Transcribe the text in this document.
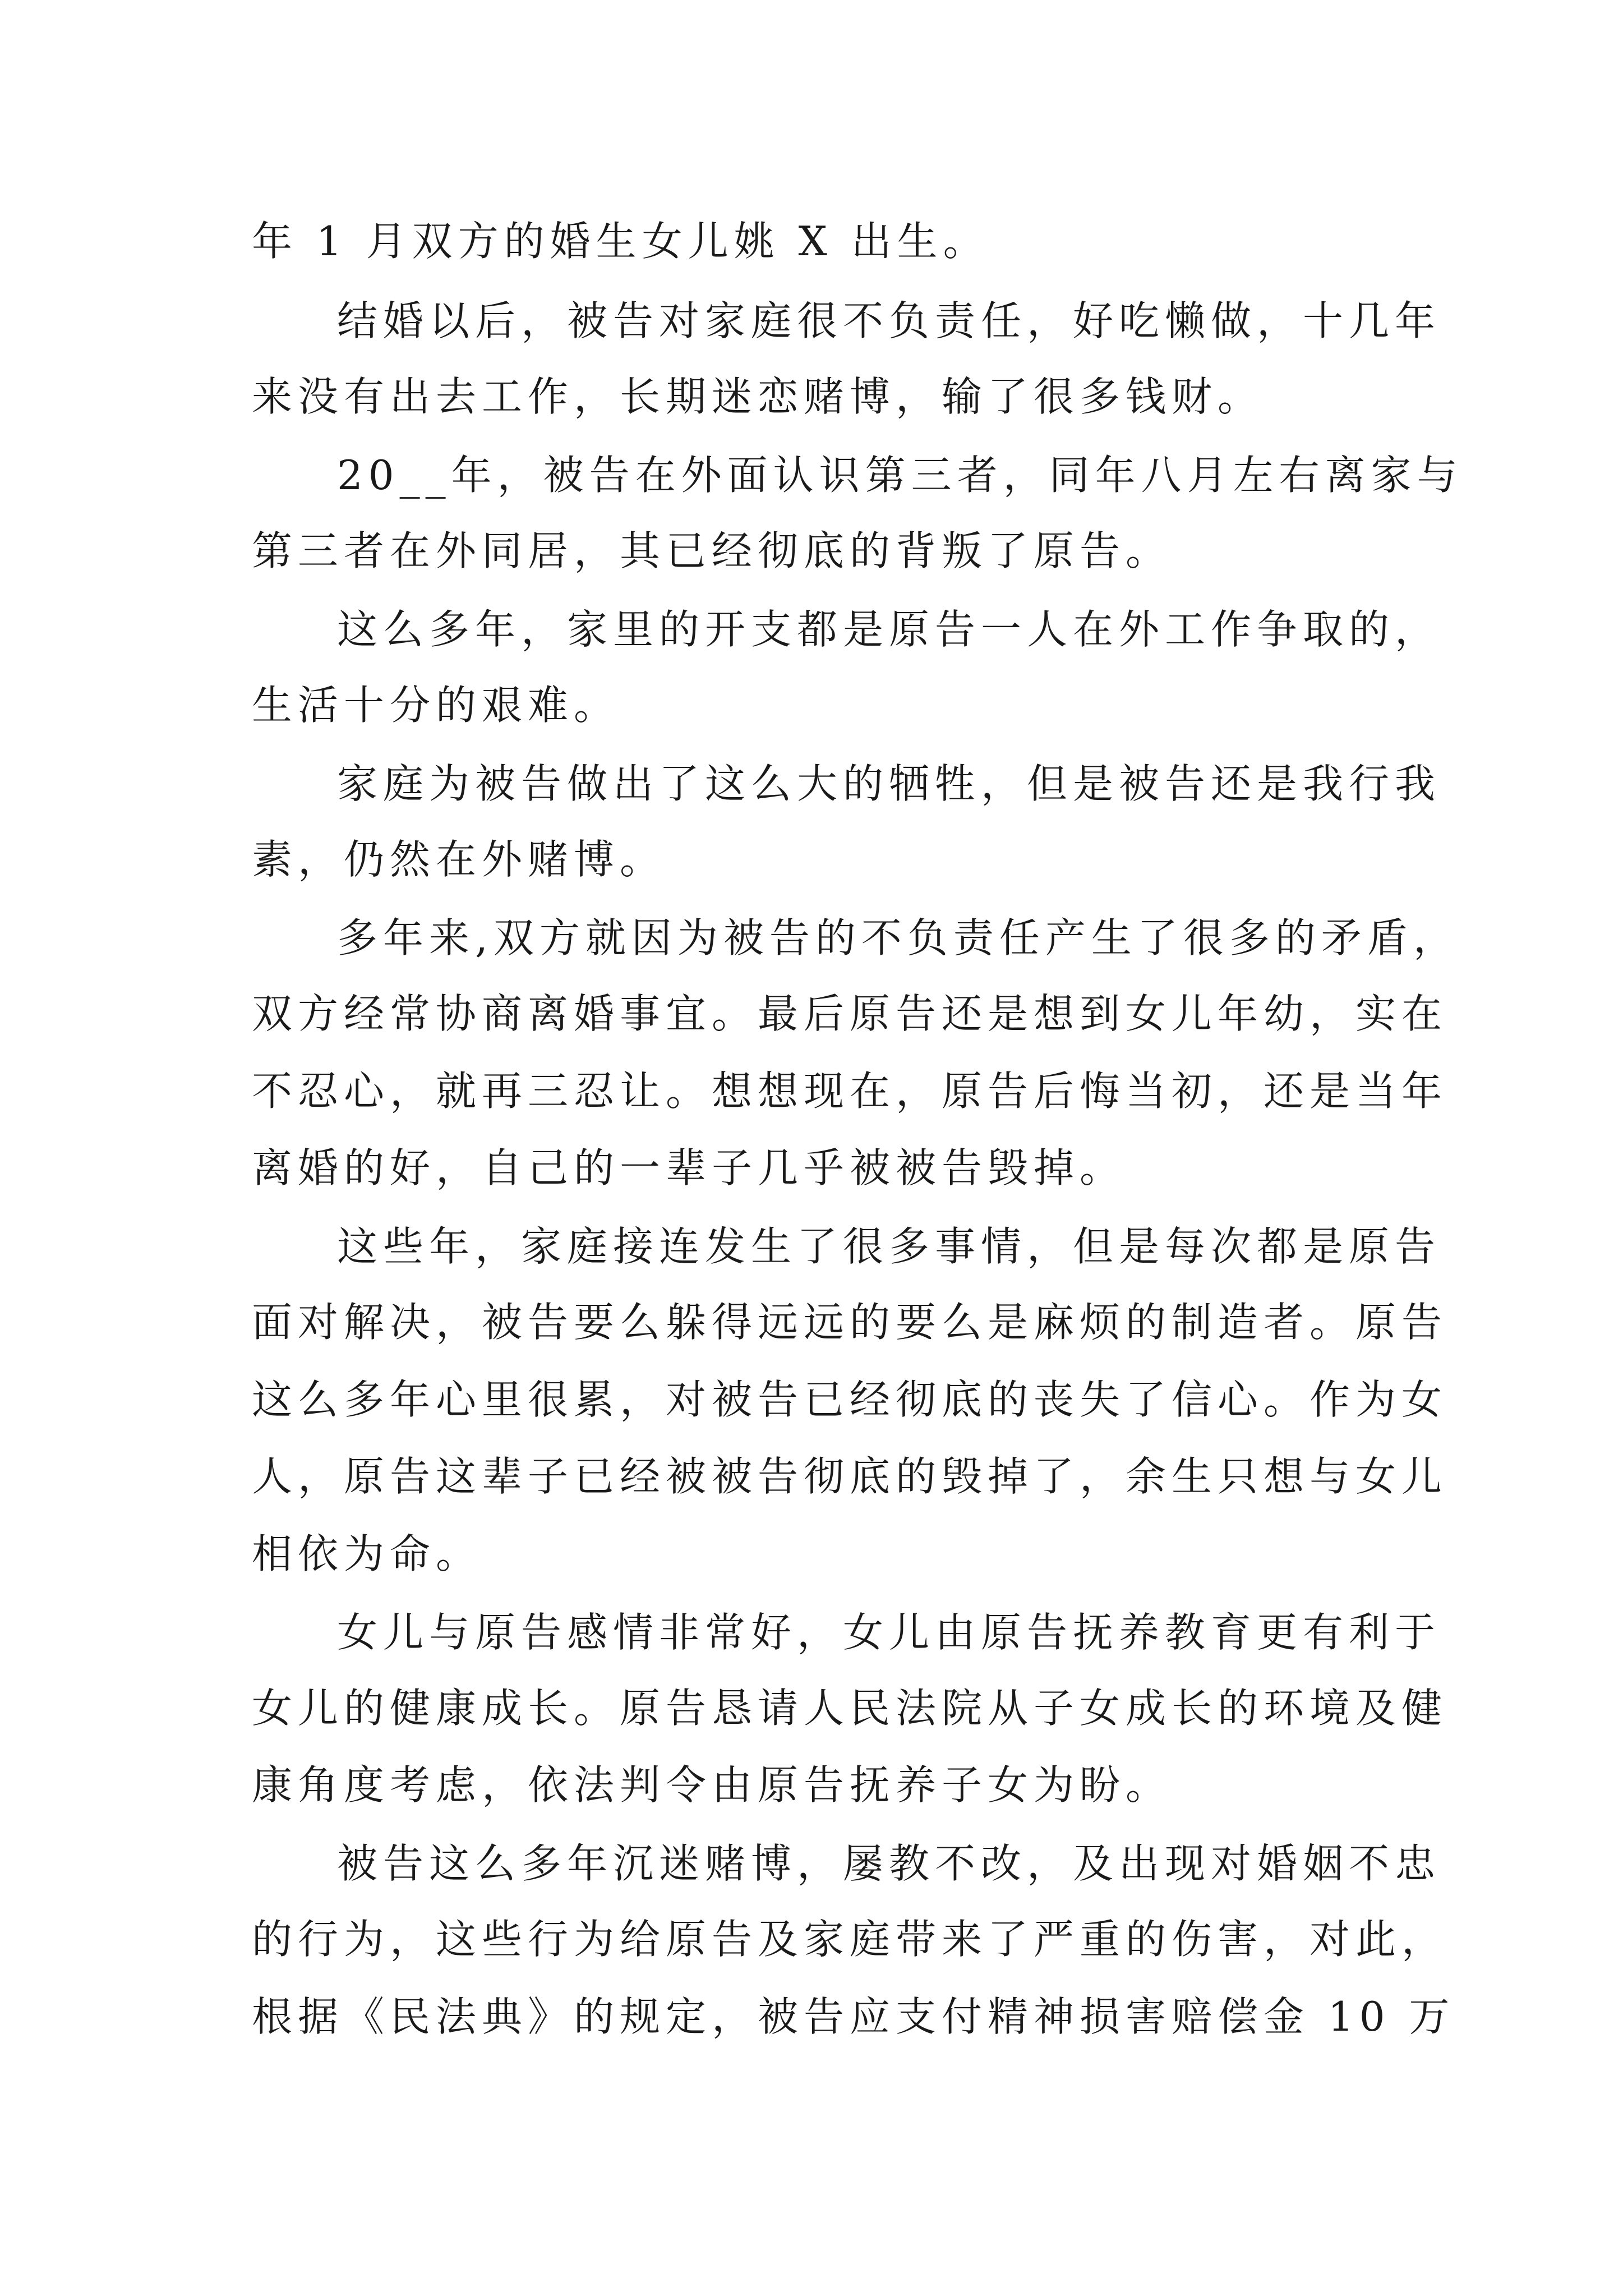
年 1 月双方的婚生女儿姚 X 出生。
结婚以后，被告对家庭很不负责任，好吃懒做，十几年
来没有出去工作，长期迷恋赌博，输了很多钱财。
20__年，被告在外面认识第三者，同年八月左右离家与
第三者在外同居，其已经彻底的背叛了原告。
这么多年，家里的开支都是原告一人在外工作争取的，
生活十分的艰难。
家庭为被告做出了这么大的牺牲，但是被告还是我行我
素，仍然在外赌博。
多年来,双方就因为被告的不负责任产生了很多的矛盾，
双方经常协商离婚事宜。最后原告还是想到女儿年幼，实在
不忍心，就再三忍让。想想现在，原告后悔当初，还是当年
离婚的好，自己的一辈子几乎被被告毁掉。
这些年，家庭接连发生了很多事情，但是每次都是原告
面对解决，被告要么躲得远远的要么是麻烦的制造者。原告
这么多年心里很累，对被告已经彻底的丧失了信心。作为女
人，原告这辈子已经被被告彻底的毁掉了，余生只想与女儿
相依为命。
女儿与原告感情非常好，女儿由原告抚养教育更有利于
女儿的健康成长。原告恳请人民法院从子女成长的环境及健
康角度考虑，依法判令由原告抚养子女为盼。
被告这么多年沉迷赌博，屡教不改，及出现对婚姻不忠
的行为，这些行为给原告及家庭带来了严重的伤害，对此，
根据《民法典》的规定，被告应支付精神损害赔偿金 10 万
